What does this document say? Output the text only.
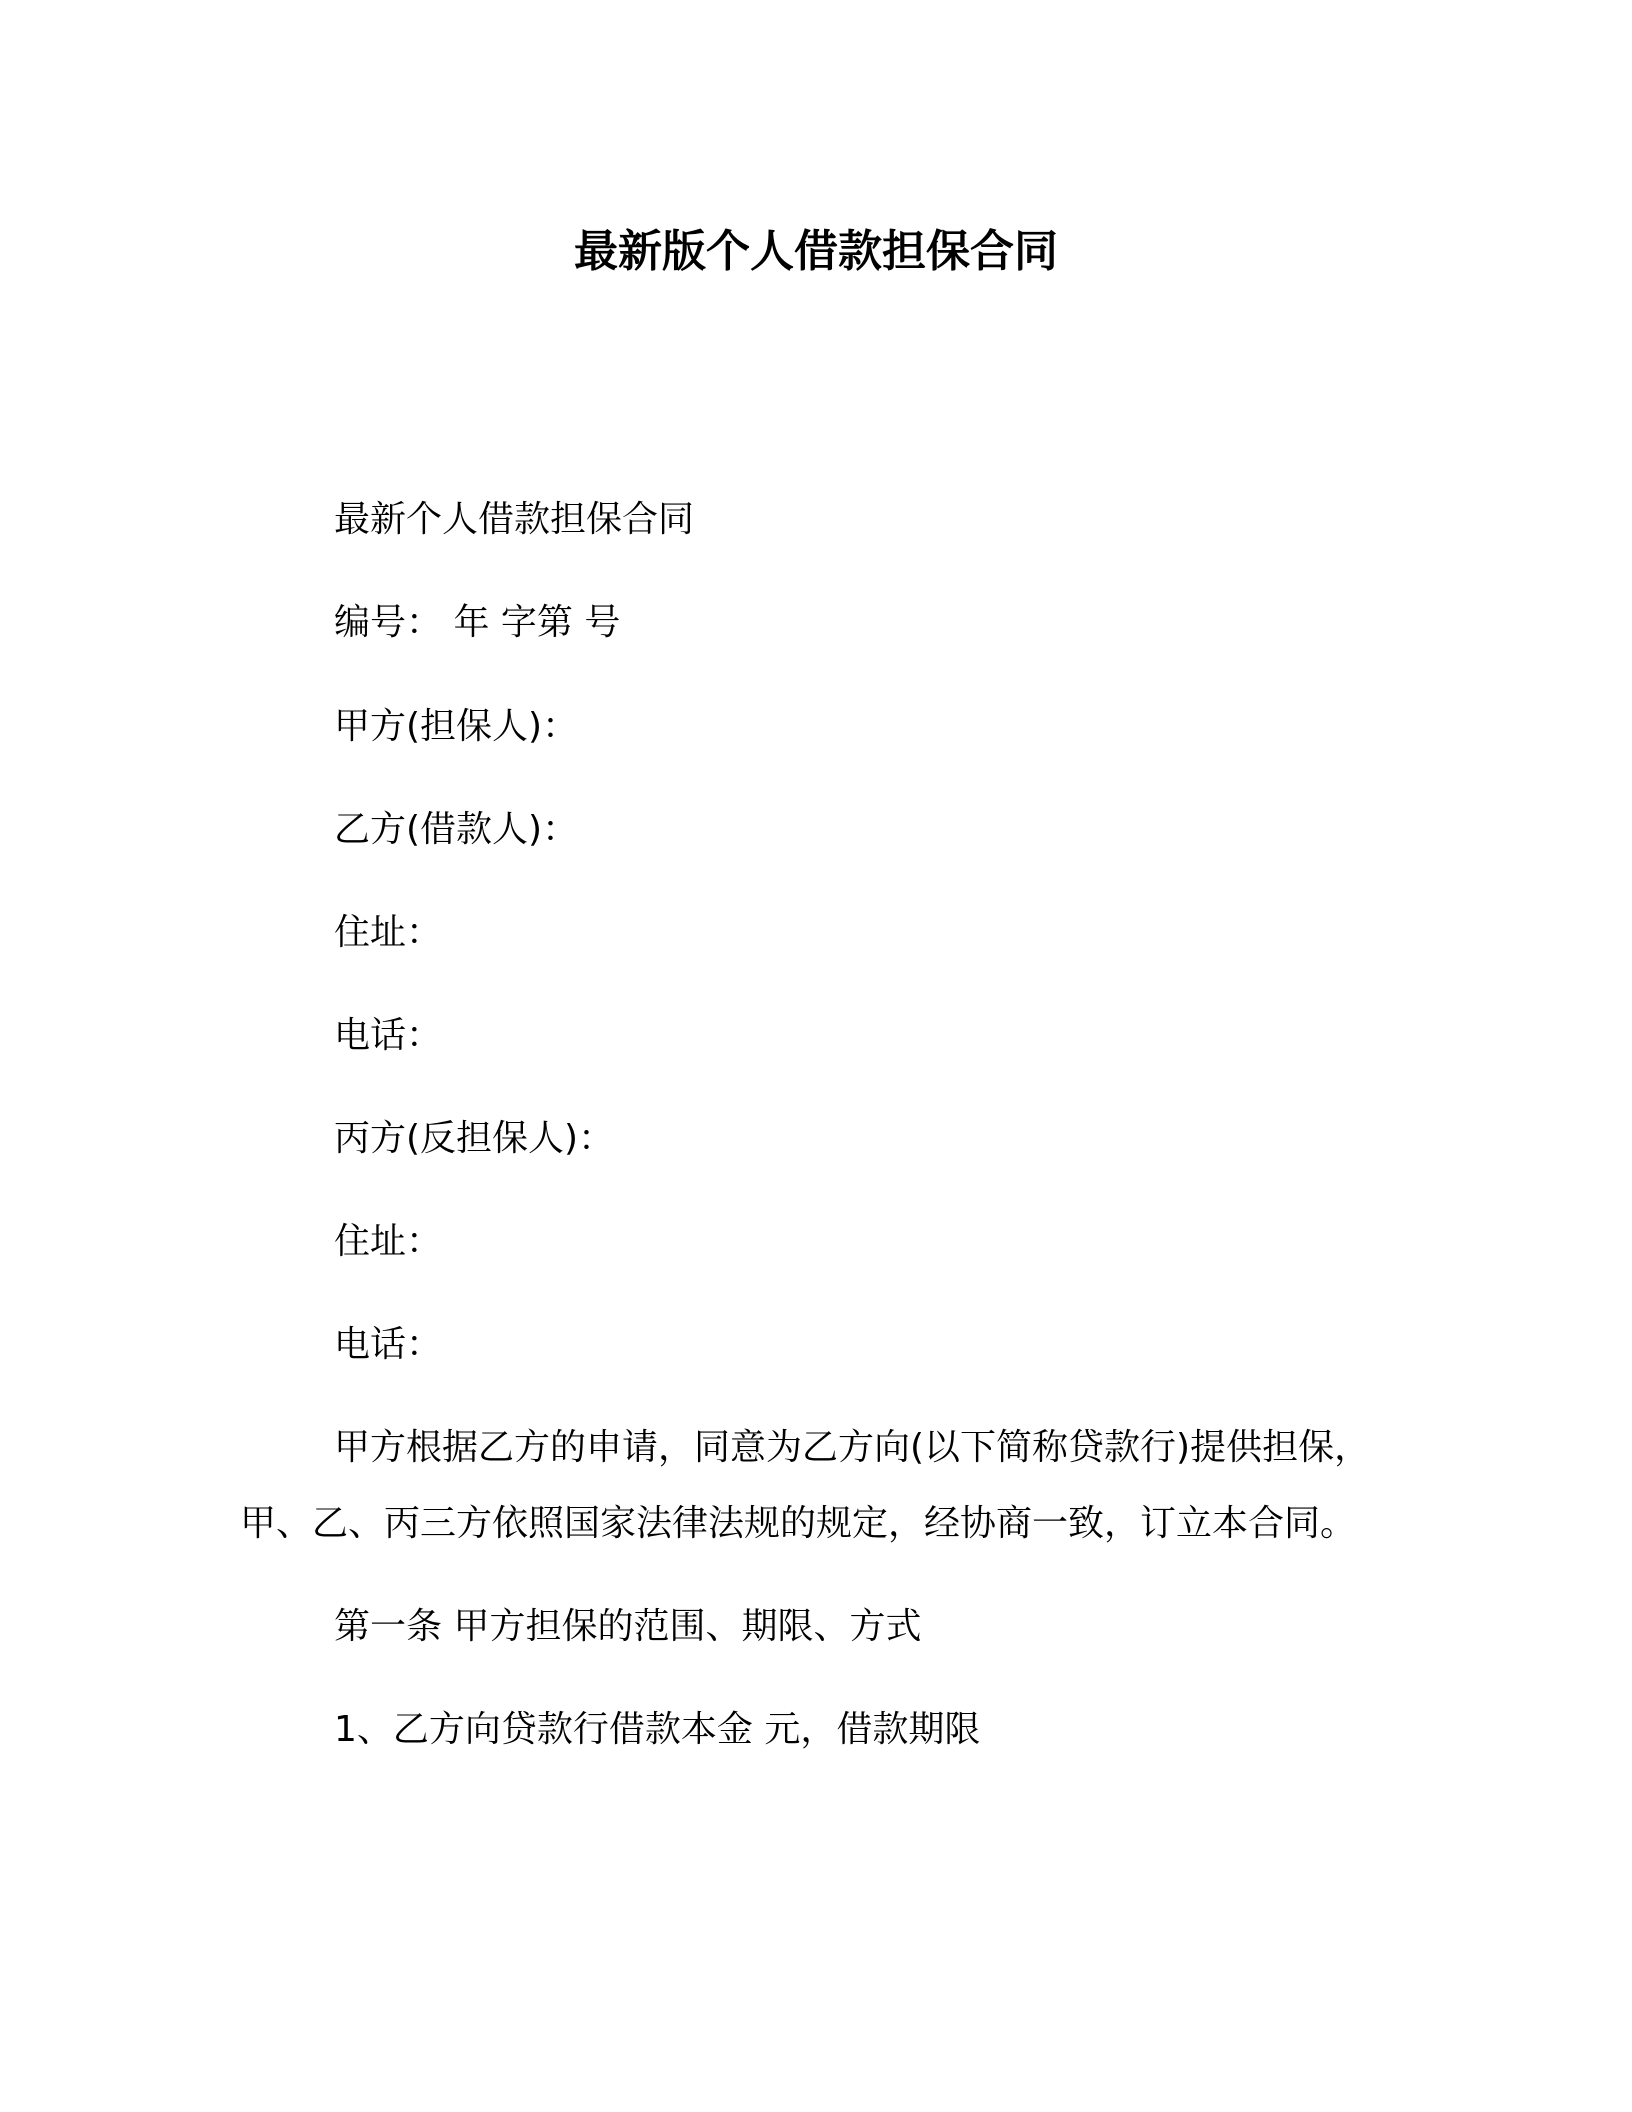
最新版个人借款担保合同
最新个人借款担保合同
编号： 年 字第 号
甲方(担保人)：
乙方(借款人)：
住址：
电话：
丙方(反担保人)：
住址：
电话：
甲方根据乙方的申请，同意为乙方向(以下简称贷款行)提供担保，
甲、乙、丙三方依照国家法律法规的规定，经协商一致，订立本合同。
第一条 甲方担保的范围、期限、方式
1、乙方向贷款行借款本金 元，借款期限
